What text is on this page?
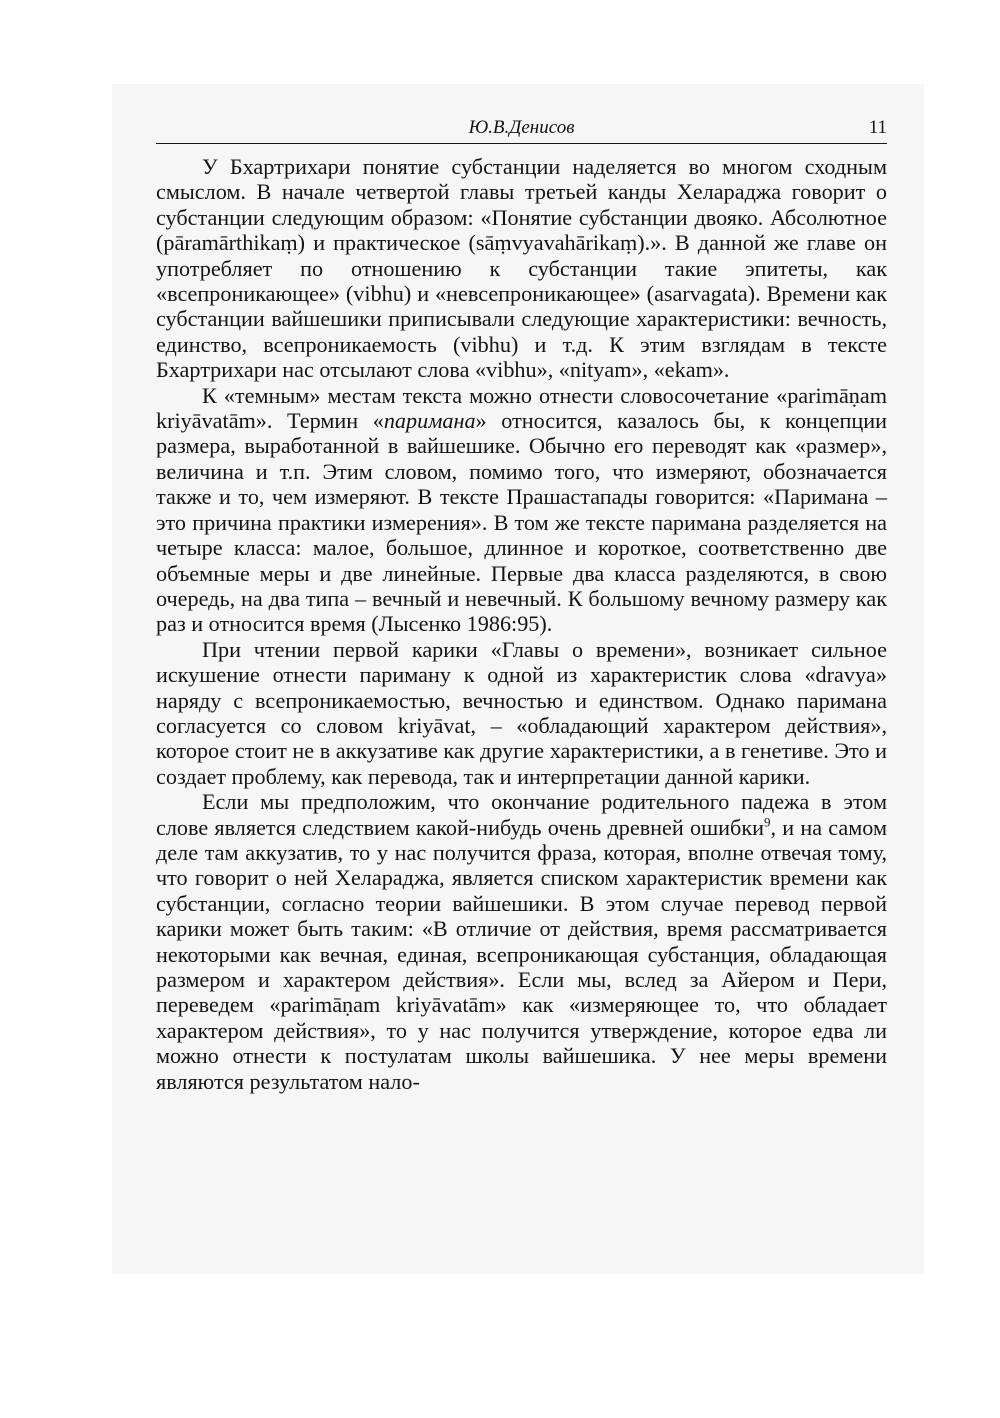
Ю.В.Денисов	11

У Бхартрихари понятие субстанции наделяется во многом сходным смыслом. В начале четвертой главы третьей канды Хелараджа говорит о субстанции следующим образом: «Понятие субстанции двояко. Абсолютное (pāramārthikaṃ) и практическое (sāṃvyavahārikaṃ).». В данной же главе он употребляет по отношению к субстанции такие эпитеты, как «всепроникающее» (vibhu) и «невсепроникающее» (asarvagata). Времени как субстанции вайшешики приписывали следующие характеристики: вечность, единство, всепроникаемость (vibhu) и т.д. К этим взглядам в тексте Бхартрихари нас отсылают слова «vibhu», «nityam», «ekam».

К «темным» местам текста можно отнести словосочетание «parimāṇam kriyāvatām». Термин «паримана» относится, казалось бы, к концепции размера, выработанной в вайшешике. Обычно его переводят как «размер», величина и т.п. Этим словом, помимо того, что измеряют, обозначается также и то, чем измеряют. В тексте Прашастапады говорится: «Паримана – это причина практики измерения». В том же тексте паримана разделяется на четыре класса: малое, большое, длинное и короткое, соответственно две объемные меры и две линейные. Первые два класса разделяются, в свою очередь, на два типа – вечный и невечный. К большому вечному размеру как раз и относится время (Лысенко 1986:95).

При чтении первой карики «Главы о времени», возникает сильное искушение отнести париману к одной из характеристик слова «dravya» наряду с всепроникаемостью, вечностью и единством. Однако паримана согласуется со словом kriyāvat, – «обладающий характером действия», которое стоит не в аккузативе как другие характеристики, а в генетиве. Это и создает проблему, как перевода, так и интерпретации данной карики.

Если мы предположим, что окончание родительного падежа в этом слове является следствием какой-нибудь очень древней ошибки$^9$, и на самом деле там аккузатив, то у нас получится фраза, которая, вполне отвечая тому, что говорит о ней Хелараджа, является списком характеристик времени как субстанции, согласно теории вайшешики. В этом случае перевод первой карики может быть таким: «В отличие от действия, время рассматривается некоторыми как вечная, единая, всепроникающая субстанция, обладающая размером и характером действия». Если мы, вслед за Айером и Пери, переведем «parimāṇam kriyāvatām» как «измеряющее то, что обладает характером действия», то у нас получится утверждение, которое едва ли можно отнести к постулатам школы вайшешика. У нее меры времени являются результатом нало-
